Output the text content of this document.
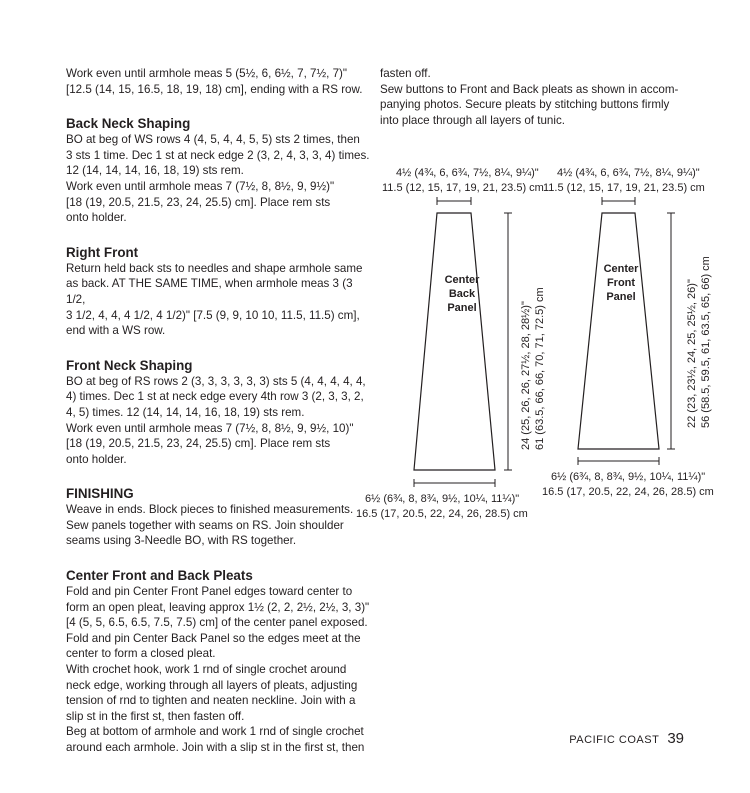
Work even until armhole meas 5 (5½, 6, 6½, 7, 7½, 7)"

[12.5 (14, 15, 16.5, 18, 19, 18) cm], ending with a RS row.

Back Neck Shaping

BO at beg of WS rows 4 (4, 5, 4, 4, 5, 5) sts 2 times, then

3 sts 1 time. Dec 1 st at neck edge 2 (3, 2, 4, 3, 3, 4) times.

12 (14, 14, 14, 16, 18, 19) sts rem.

Work even until armhole meas 7 (7½, 8, 8½, 9, 9½)"

[18 (19, 20.5, 21.5, 23, 24, 25.5) cm]. Place rem sts

onto holder.

Right Front

Return held back sts to needles and shape armhole same

as back. AT THE SAME TIME, when armhole meas 3 (3 1/2,

3 1/2, 4, 4, 4 1/2, 4 1/2)" [7.5 (9, 9, 10 10, 11.5, 11.5) cm],

end with a WS row.

Front Neck Shaping

BO at beg of RS rows 2 (3, 3, 3, 3, 3, 3) sts 5 (4, 4, 4, 4, 4,

4) times. Dec 1 st at neck edge every 4th row 3 (2, 3, 3, 2,

4, 5) times. 12 (14, 14, 14, 16, 18, 19) sts rem.

Work even until armhole meas 7 (7½, 8, 8½, 9, 9½, 10)"

[18 (19, 20.5, 21.5, 23, 24, 25.5) cm]. Place rem sts

onto holder.

FINISHING

Weave in ends. Block pieces to finished measurements.

Sew panels together with seams on RS. Join shoulder

seams using 3-Needle BO, with RS together.

Center Front and Back Pleats

Fold and pin Center Front Panel edges toward center to

form an open pleat, leaving approx 1½ (2, 2, 2½, 2½, 3, 3)"

[4 (5, 5, 6.5, 6.5, 7.5, 7.5) cm] of the center panel exposed.

Fold and pin Center Back Panel so the edges meet at the

center to form a closed pleat.

With crochet hook, work 1 rnd of single crochet around

neck edge, working through all layers of pleats, adjusting

tension of rnd to tighten and neaten neckline. Join with a

slip st in the first st, then fasten off.

Beg at bottom of armhole and work 1 rnd of single crochet

around each armhole. Join with a slip st in the first st, then

fasten off.

Sew buttons to Front and Back pleats as shown in accom-

panying photos. Secure pleats by stitching buttons firmly

into place through all layers of tunic.

4½ (4¾, 6, 6¾, 7½, 8¼, 9¼)"
11.5 (12, 15, 17, 19, 21, 23.5) cm
4½ (4¾, 6, 6¾, 7½, 8¼, 9¼)"
11.5 (12, 15, 17, 19, 21, 23.5) cm
Center
Back
Panel
Center
Front
Panel
24 (25, 26, 26, 27½, 28, 28½)" 61 (63.5, 66, 66, 70, 71, 72.5) cm	22 (23, 23½, 24, 25, 25½, 26)" 56 (58.5, 59.5, 61, 63.5, 65, 66) cm
6½ (6¾, 8, 8¾, 9½, 10¼, 11¼)"
16.5 (17, 20.5, 22, 24, 26, 28.5) cm
6½ (6¾, 8, 8¾, 9½, 10¼, 11¼)"
16.5 (17, 20.5, 22, 24, 26, 28.5) cm
PACIFIC COAST 39
